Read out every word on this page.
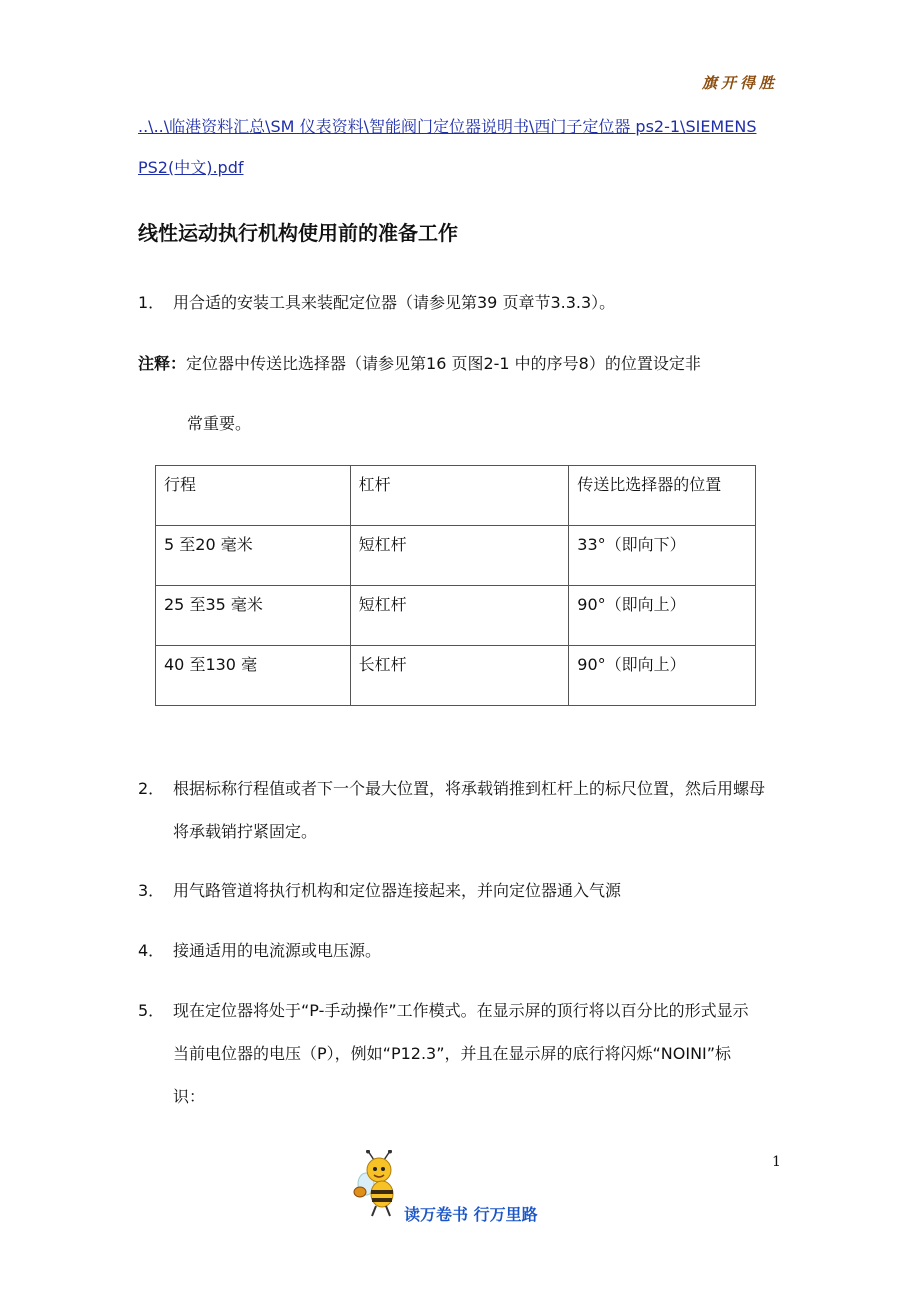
旗开得胜
..\..\临港资料汇总\SM 仪表资料\智能阀门定位器说明书\西门子定位器 ps2-1\SIEMENS
PS2(中文).pdf
线性运动执行机构使用前的准备工作
1． 用合适的安装工具来装配定位器（请参见第39 页章节3.3.3）。
注释：定位器中传送比选择器（请参见第16 页图2-1 中的序号8）的位置设定非
常重要。
行程	杠杆	传送比选择器的位置
5 至20 毫米	短杠杆	33°（即向下）
25 至35 毫米	短杠杆	90°（即向上）
40 至130 毫	长杠杆	90°（即向上）
2． 根据标称行程值或者下一个最大位置，将承载销推到杠杆上的标尺位置，然后用螺母
将承载销拧紧固定。
3． 用气路管道将执行机构和定位器连接起来，并向定位器通入气源
4． 接通适用的电流源或电压源。
5． 现在定位器将处于“P-手动操作”工作模式。在显示屏的顶行将以百分比的形式显示
当前电位器的电压（P），例如“P12.3”，并且在显示屏的底行将闪烁“NOINI”标
识：
1
读万卷书 行万里路
